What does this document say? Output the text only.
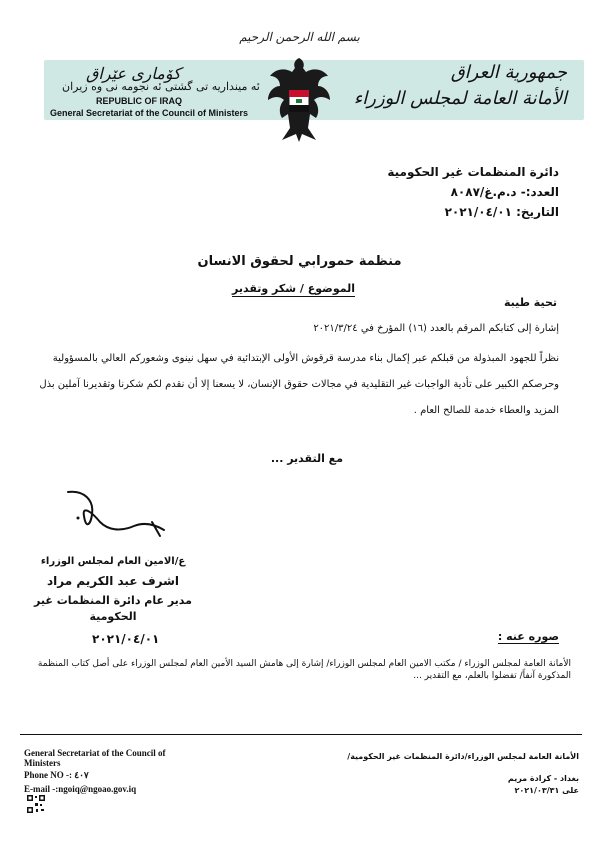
بسم الله الرحمن الرحيم
كۆماری عێراق
ئە مینداریە تی گشتی ئە نجومە نی وە زیران
REPUBLIC OF IRAQ
General Secretariat of the Council of Ministers
جمهورية العراق
الأمانة العامة لمجلس الوزراء
دائرة المنظمات غير الحكومية
العدد:- د.م.غ/٨٠٨٧
التاريخ: ٢٠٢١/٠٤/٠١
منظمة حمورابي لحقوق الانسان
الموضوع / شكر وتقدير
تحية طيبة
إشارة إلى كتابكم المرقم بالعدد (١٦) المؤرخ في ٢٠٢١/٣/٢٤
نظراً للجهود المبذولة من قبلكم عبر إكمال بناء مدرسة قرقوش الأولى الإبتدائية في سهل نينوى وشعوركم العالي بالمسؤولية وحرصكم الكبير على تأدية الواجبات غير التقليدية في مجالات حقوق الإنسان، لا يسعنا إلا أن نقدم لكم شكرنا وتقديرنا آملين بذل المزيد والعطاء خدمة للصالح العام .
مع التقدير ...
ع/الامين العام لمجلس الوزراء
اشرف عبد الكريم مراد
مدير عام دائرة المنظمات غير
الحكومية
٢٠٢١/٠٤/٠١	صوره عنه :
الأمانة العامة لمجلس الوزراء / مكتب الامين العام لمجلس الوزراء/ إشارة إلى هامش السيد الأمين العام لمجلس الوزراء على أصل كتاب المنظمة المذكورة آنفاً/ تفضلوا بالعلم، مع التقدير ...
General Secretariat of the Council of
Ministers
Phone NO -: ٤٠٧
E-mail -:ngoiq@ngoao.gov.iq
الأمانة العامة لمجلس الوزراء/دائرة المنظمات غير الحكومية/
بغداد - كرادة مريم
على ٢٠٢١/٠٣/٣١
